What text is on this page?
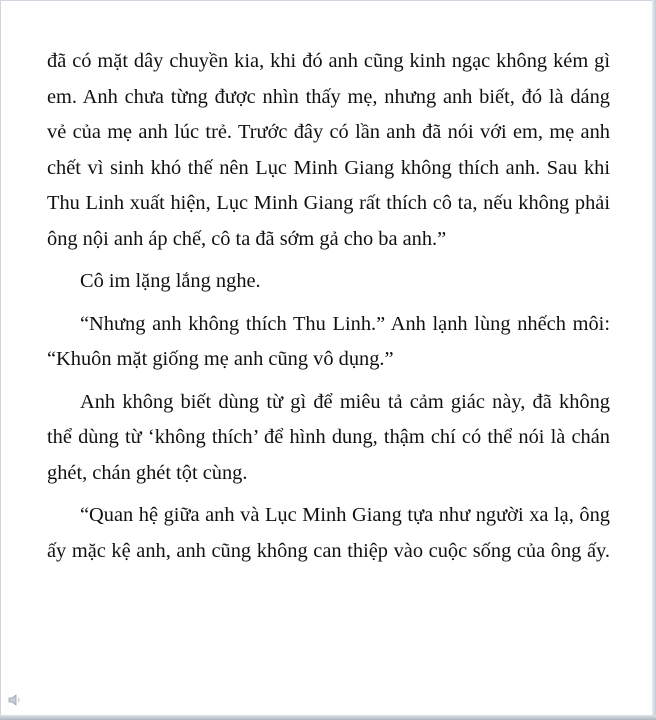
đã có mặt dây chuyền kia, khi đó anh cũng kinh ngạc không kém gì
em. Anh chưa từng được nhìn thấy mẹ, nhưng anh biết, đó là dáng
vẻ của mẹ anh lúc trẻ. Trước đây có lần anh đã nói với em, mẹ anh
chết vì sinh khó thế nên Lục Minh Giang không thích anh. Sau khi
Thu Linh xuất hiện, Lục Minh Giang rất thích cô ta, nếu không phải
ông nội anh áp chế, cô ta đã sớm gả cho ba anh.”

Cô im lặng lắng nghe.

“Nhưng anh không thích Thu Linh.” Anh lạnh lùng nhếch môi:
“Khuôn mặt giống mẹ anh cũng vô dụng.”

Anh không biết dùng từ gì để miêu tả cảm giác này, đã không
thể dùng từ ‘không thích’ để hình dung, thậm chí có thể nói là chán
ghét, chán ghét tột cùng.

“Quan hệ giữa anh và Lục Minh Giang tựa như người xa lạ, ông
ấy mặc kệ anh, anh cũng không can thiệp vào cuộc sống của ông ấy.
